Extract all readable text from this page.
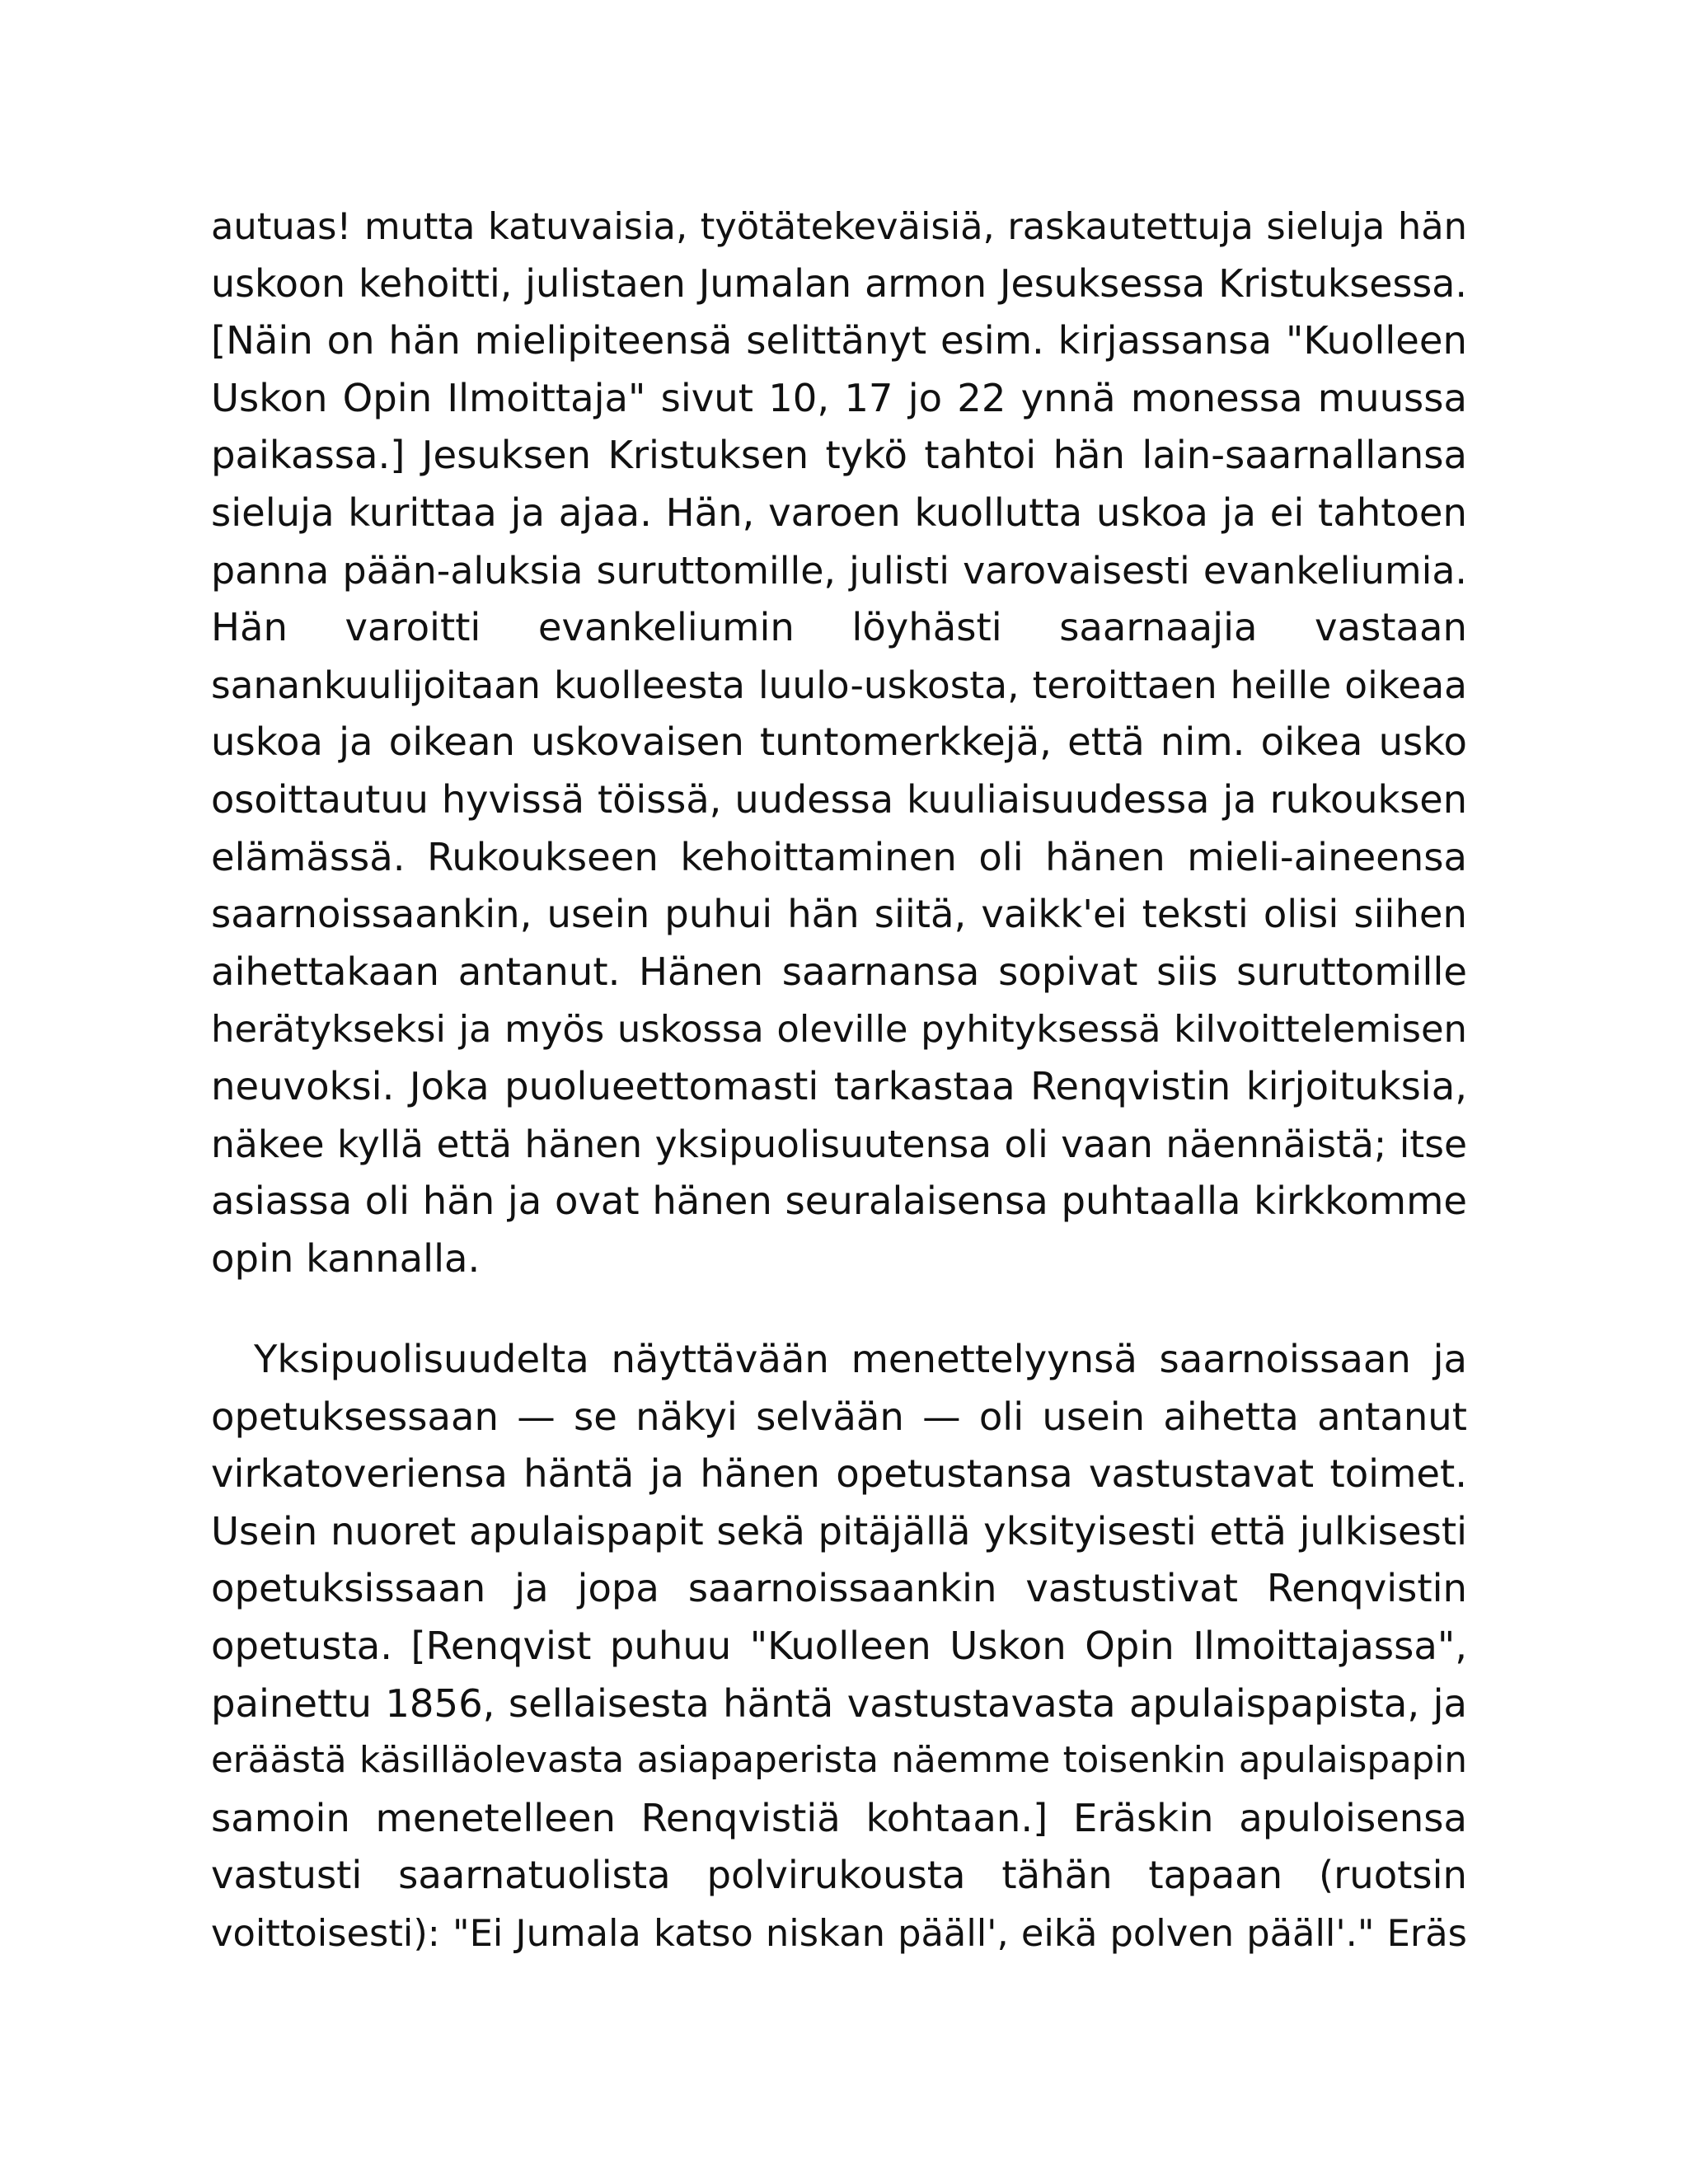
autuas! mutta katuvaisia, työtätekeväisiä, raskautettuja sieluja hän
uskoon kehoitti, julistaen Jumalan armon Jesuksessa Kristuksessa.
[Näin on hän mielipiteensä selittänyt esim. kirjassansa "Kuolleen
Uskon Opin Ilmoittaja" sivut 10, 17 jo 22 ynnä monessa muussa
paikassa.] Jesuksen Kristuksen tykö tahtoi hän lain-saarnallansa
sieluja kurittaa ja ajaa. Hän, varoen kuollutta uskoa ja ei tahtoen
panna pään-aluksia suruttomille, julisti varovaisesti evankeliumia.
Hän varoitti evankeliumin löyhästi saarnaajia vastaan
sanankuulijoitaan kuolleesta luulo-uskosta, teroittaen heille oikeaa
uskoa ja oikean uskovaisen tuntomerkkejä, että nim. oikea usko
osoittautuu hyvissä töissä, uudessa kuuliaisuudessa ja rukouksen
elämässä. Rukoukseen kehoittaminen oli hänen mieli-aineensa
saarnoissaankin, usein puhui hän siitä, vaikk'ei teksti olisi siihen
aihettakaan antanut. Hänen saarnansa sopivat siis suruttomille
herätykseksi ja myös uskossa oleville pyhityksessä kilvoittelemisen
neuvoksi. Joka puolueettomasti tarkastaa Renqvistin kirjoituksia,
näkee kyllä että hänen yksipuolisuutensa oli vaan näennäistä; itse
asiassa oli hän ja ovat hänen seuralaisensa puhtaalla kirkkomme
opin kannalla.
Yksipuolisuudelta näyttävään menettelyynsä saarnoissaan ja
opetuksessaan — se näkyi selvään — oli usein aihetta antanut
virkatoveriensa häntä ja hänen opetustansa vastustavat toimet.
Usein nuoret apulaispapit sekä pitäjällä yksityisesti että julkisesti
opetuksissaan ja jopa saarnoissaankin vastustivat Renqvistin
opetusta. [Renqvist puhuu "Kuolleen Uskon Opin Ilmoittajassa",
painettu 1856, sellaisesta häntä vastustavasta apulaispapista, ja
eräästä käsilläolevasta asiapaperista näemme toisenkin apulaispapin
samoin menetelleen Renqvistiä kohtaan.] Eräskin apuloisensa
vastusti saarnatuolista polvirukousta tähän tapaan (ruotsin
voittoisesti): "Ei Jumala katso niskan pääll', eikä polven pääll'." Eräs
